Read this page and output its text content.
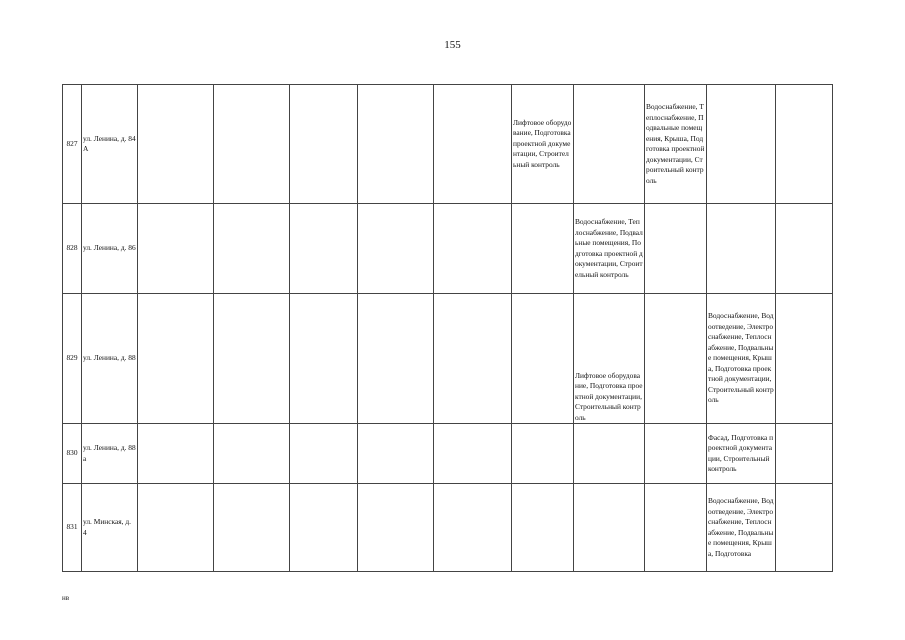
155
827	ул. Ленина, д. 84 А						Лифтовое оборудование, Подготовка проектной документации, Строительный контроль		Водоснабжение, Теплоснабжение, Подвальные помещения, Крыша, Подготовка проектной документации, Строительный контроль		
828	ул. Ленина, д. 86							Водоснабжение, Теплоснабжение, Подвальные помещения, Подготовка проектной документации, Строительный контроль			
829	ул. Ленина, д. 88							Лифтовое оборудование, Подготовка проектной документации, Строительный контроль		Водоснабжение, Водоотведение, Электроснабжение, Теплоснабжение, Подвальные помещения, Крыша, Подготовка проектной документации, Строительный контроль	
830	ул. Ленина, д. 88 а									Фасад, Подготовка проектной документации, Строительный контроль	
831	ул. Минская, д. 4									Водоснабжение, Водоотведение, Электроснабжение, Теплоснабжение, Подвальные помещения, Крыша, Подготовка	
нв
